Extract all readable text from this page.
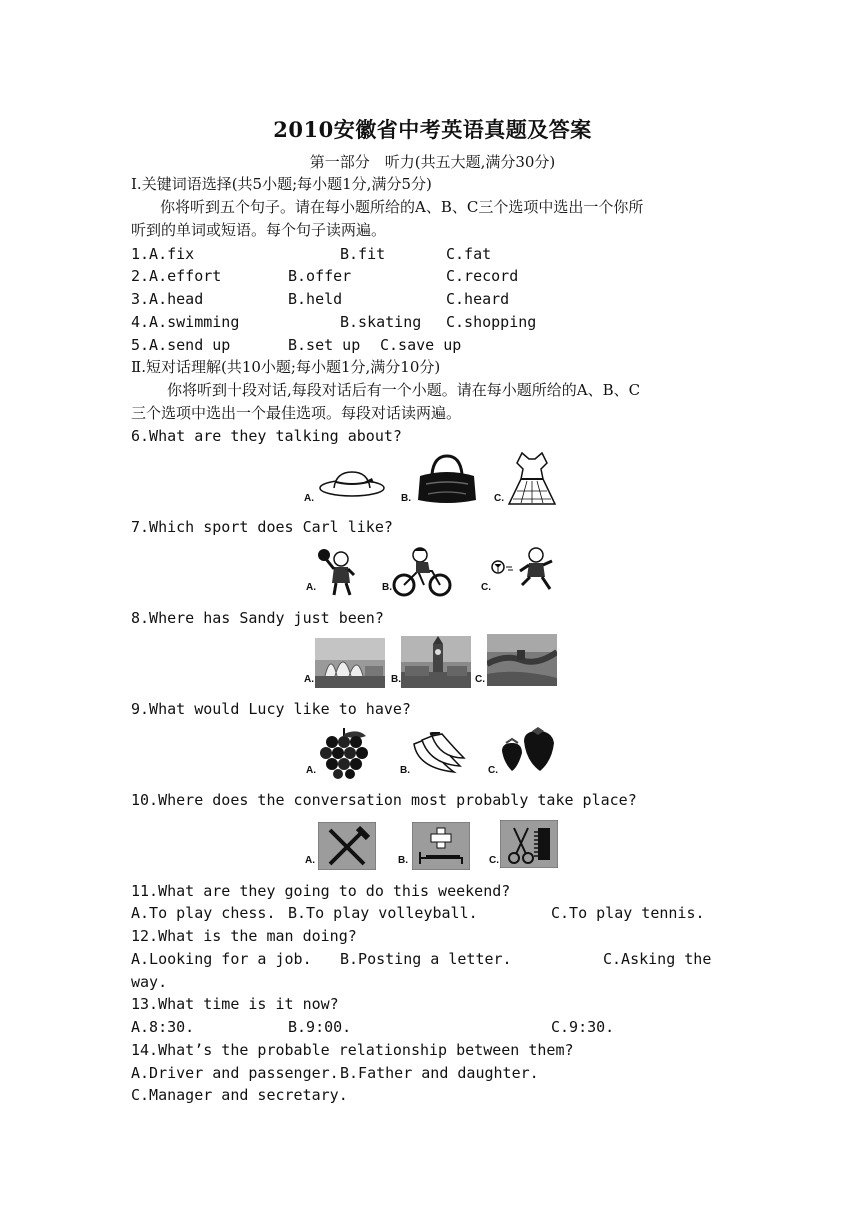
2010安徽省中考英语真题及答案
第一部分　听力(共五大题,满分30分)
Ⅰ.关键词语选择(共5小题;每小题1分,满分5分)
你将听到五个句子。请在每小题所给的A、B、C三个选项中选出一个你所
听到的单词或短语。每个句子读两遍。
1.A.fix	B.fit	C.fat
2.A.effort	B.offer	C.record
3.A.head	B.held	C.heard
4.A.swimming	B.skating C.shopping
5.A.send up	B.set up C.save up
Ⅱ.短对话理解(共10小题;每小题1分,满分10分)
你将听到十段对话,每段对话后有一个小题。请在每小题所给的A、B、C
三个选项中选出一个最佳选项。每段对话读两遍。
6.What are they talking about?
A.	B.	C.
7.Which sport does Carl like?
A.	B.	C.
8.Where has Sandy just been?
A.	B.	C.
9.What would Lucy like to have?
A.	B.	C.
10.Where does the conversation most probably take place?
A.	B.	C.
11.What are they going to do this weekend?
A.To play chess. B.To play volleyball.	C.To play tennis.
12.What is the man doing?
A.Looking for a job. B.Posting a letter.	C.Asking the
way.
13.What time is it now?
A.8:30.	B.9:00.	C.9:30.
14.What’s the probable relationship between them?
A.Driver and passenger. B.Father and daughter.
C.Manager and secretary.
